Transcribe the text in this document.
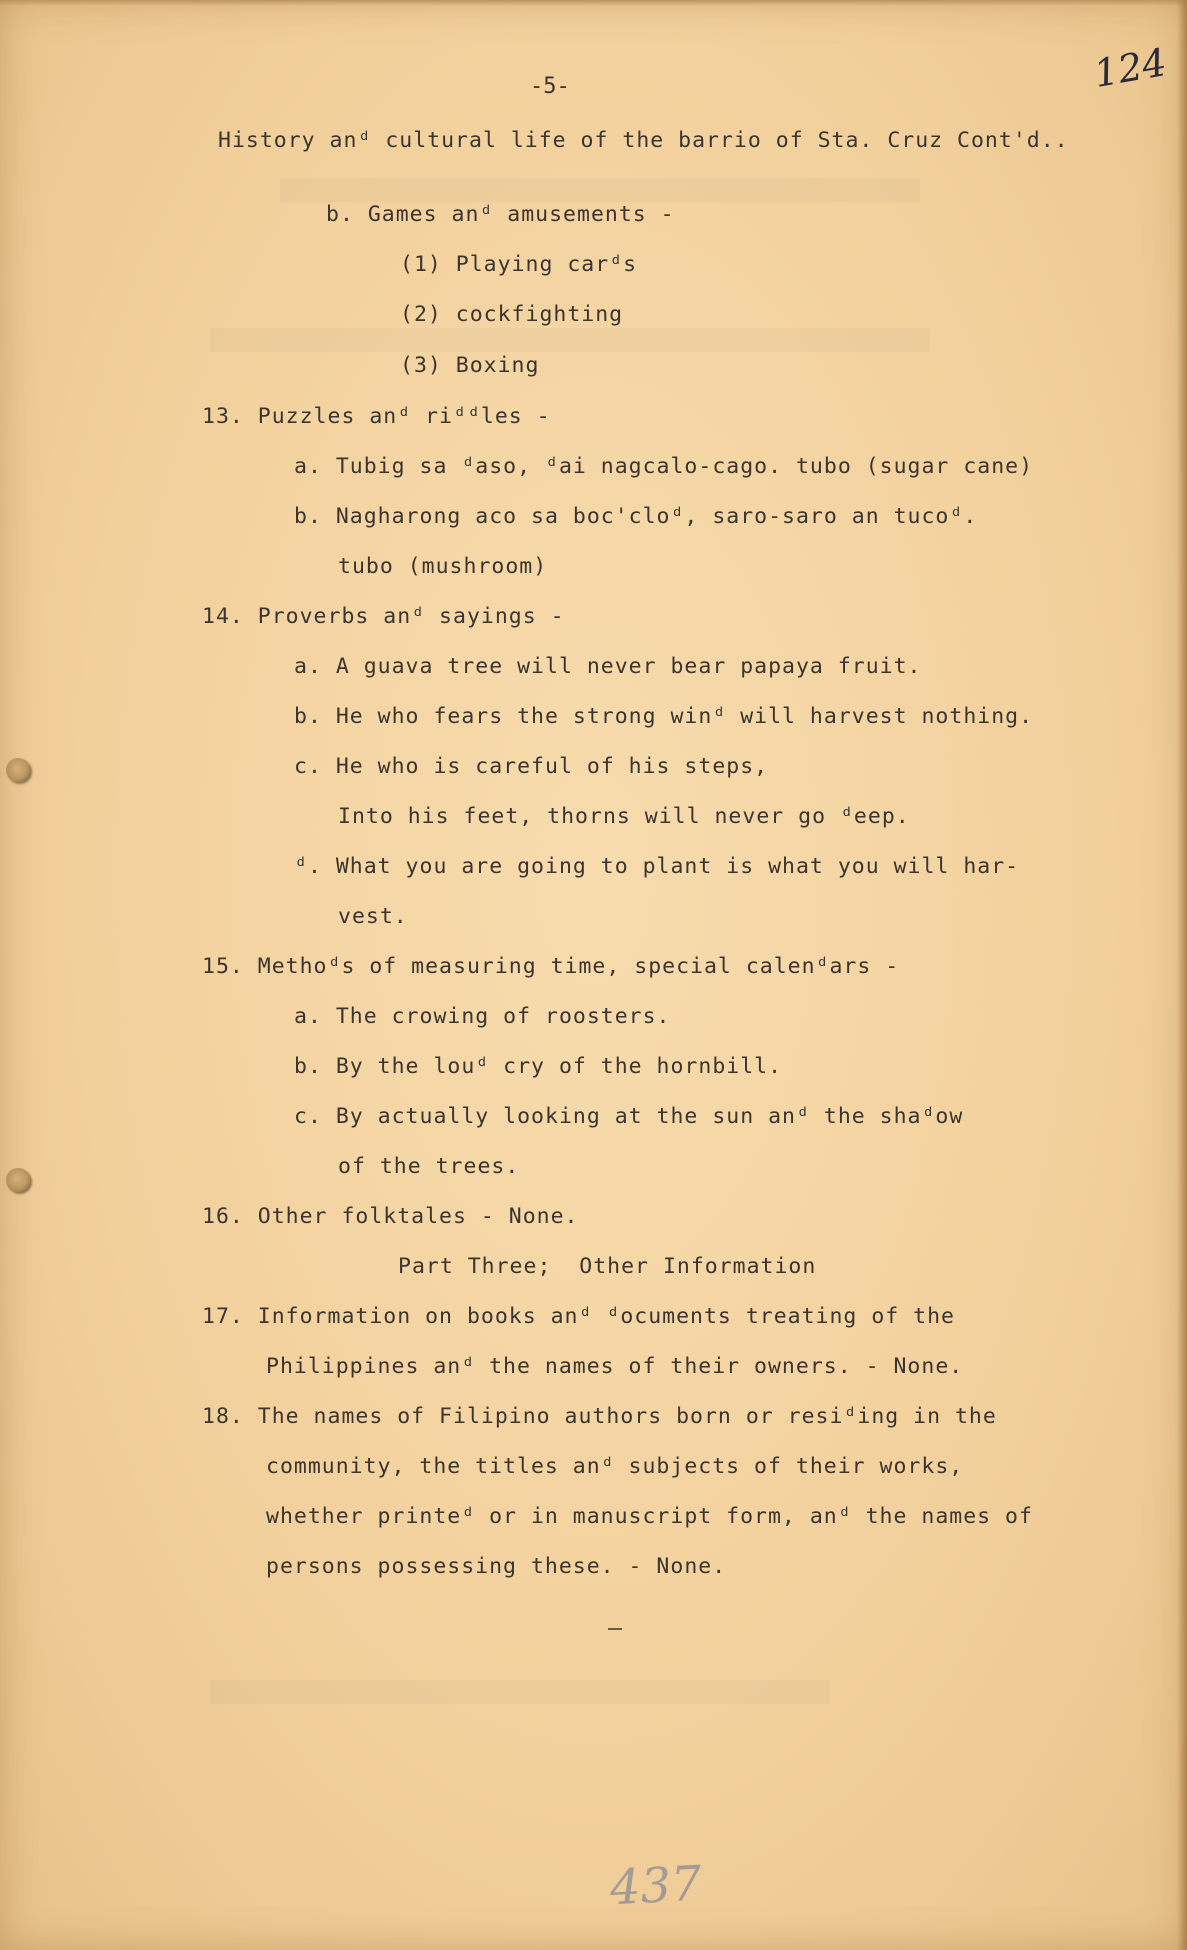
-5-	124
History anᵈ cultural life of the barrio of Sta. Cruz Cont'd..
b. Games anᵈ amusements -
(1) Playing carᵈs
(2) cockfighting
(3) Boxing
13. Puzzles anᵈ riᵈᵈles -
a. Tubig sa ᵈaso, ᵈai nagcalo-cago. tubo (sugar cane)
b. Nagharong aco sa boc'cloᵈ, saro-saro an tucoᵈ.
tubo (mushroom)
14. Proverbs anᵈ sayings -
a. A guava tree will never bear papaya fruit.
b. He who fears the strong winᵈ will harvest nothing.
c. He who is careful of his steps,
Into his feet, thorns will never go ᵈeep.
ᵈ. What you are going to plant is what you will har-
vest.
15. Methoᵈs of measuring time, special calenᵈars -
a. The crowing of roosters.
b. By the louᵈ cry of the hornbill.
c. By actually looking at the sun anᵈ the shaᵈow
of the trees.
16. Other folktales - None.
Part Three;  Other Information
17. Information on books anᵈ ᵈocuments treating of the
Philippines anᵈ the names of their owners. - None.
18. The names of Filipino authors born or resiᵈing in the
community, the titles anᵈ subjects of their works,
whether printeᵈ or in manuscript form, anᵈ the names of
persons possessing these. - None.
437
